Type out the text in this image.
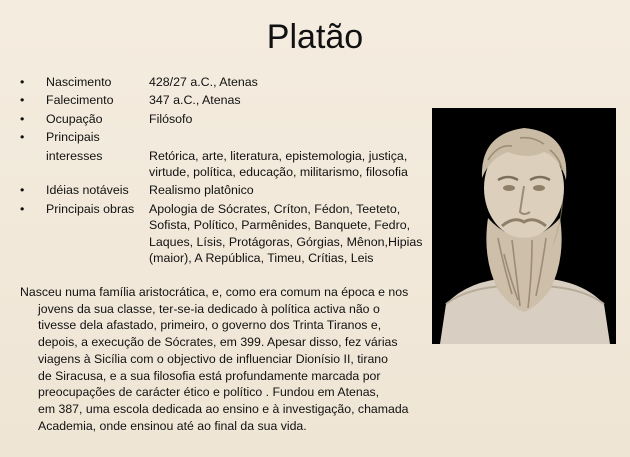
Platão
•	Nascimento	428/27 a.C., Atenas
•	Falecimento	347 a.C., Atenas
•	Ocupação	Filósofo
•	Principais
interesses	Retórica, arte, literatura, epistemologia, justiça,
virtude, política, educação, militarismo, filosofia
•	Idéias notáveis	Realismo platônico
•	Principais obras	Apologia de Sócrates, Críton, Fédon, Teeteto,
Sofista, Político, Parmênides, Banquete, Fedro,
Laques, Lísis, Protágoras, Górgias, Mênon,Hipias
(maior), A República, Timeu, Crítias, Leis
Nasceu numa família aristocrática, e, como era comum na época e nos
jovens da sua classe, ter-se-ia dedicado à política activa não o
tivesse dela afastado, primeiro, o governo dos Trinta Tiranos e,
depois, a execução de Sócrates, em 399. Apesar disso, fez várias
viagens à Sicília com o objectivo de influenciar Dionísio II, tirano
de Siracusa, e a sua filosofia está profundamente marcada por
preocupações de carácter ético e político . Fundou em Atenas,
em 387, uma escola dedicada ao ensino e à investigação, chamada
Academia, onde ensinou até ao final da sua vida.
